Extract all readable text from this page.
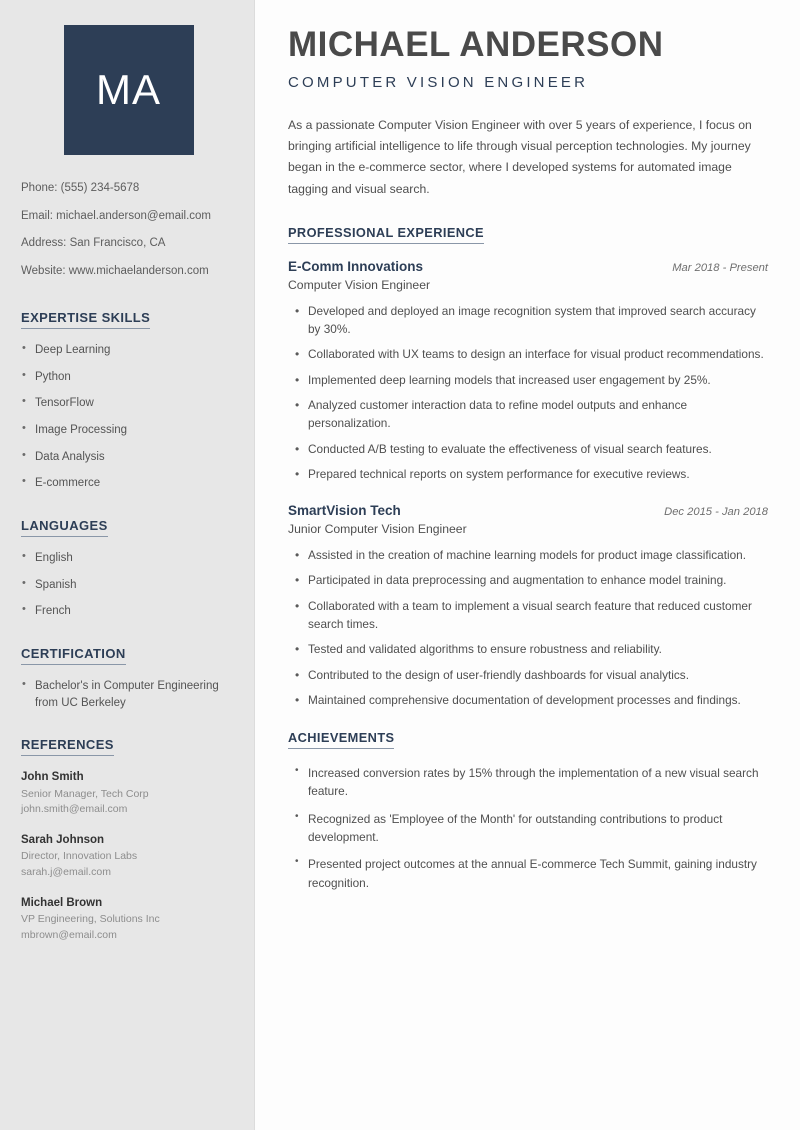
MA
Phone: (555) 234-5678
Email: michael.anderson@email.com
Address: San Francisco, CA
Website: www.michaelanderson.com
EXPERTISE SKILLS
• Deep Learning
• Python
• TensorFlow
• Image Processing
• Data Analysis
• E-commerce
LANGUAGES
• English
• Spanish
• French
CERTIFICATION
• Bachelor's in Computer Engineering from UC Berkeley
REFERENCES
John Smith
Senior Manager, Tech Corp
john.smith@email.com
Sarah Johnson
Director, Innovation Labs
sarah.j@email.com
Michael Brown
VP Engineering, Solutions Inc
mbrown@email.com
MICHAEL ANDERSON
COMPUTER VISION ENGINEER

As a passionate Computer Vision Engineer with over 5 years of experience, I focus on bringing artificial intelligence to life through visual perception technologies. My journey began in the e-commerce sector, where I developed systems for automated image tagging and visual search.

PROFESSIONAL EXPERIENCE
E-Comm Innovations	Mar 2018 - Present
Computer Vision Engineer
• Developed and deployed an image recognition system that improved search accuracy by 30%.
• Collaborated with UX teams to design an interface for visual product recommendations.
• Implemented deep learning models that increased user engagement by 25%.
• Analyzed customer interaction data to refine model outputs and enhance personalization.
• Conducted A/B testing to evaluate the effectiveness of visual search features.
• Prepared technical reports on system performance for executive reviews.
SmartVision Tech	Dec 2015 - Jan 2018
Junior Computer Vision Engineer
• Assisted in the creation of machine learning models for product image classification.
• Participated in data preprocessing and augmentation to enhance model training.
• Collaborated with a team to implement a visual search feature that reduced customer search times.
• Tested and validated algorithms to ensure robustness and reliability.
• Contributed to the design of user-friendly dashboards for visual analytics.
• Maintained comprehensive documentation of development processes and findings.
ACHIEVEMENTS
• Increased conversion rates by 15% through the implementation of a new visual search feature.
• Recognized as 'Employee of the Month' for outstanding contributions to product development.
• Presented project outcomes at the annual E-commerce Tech Summit, gaining industry recognition.
